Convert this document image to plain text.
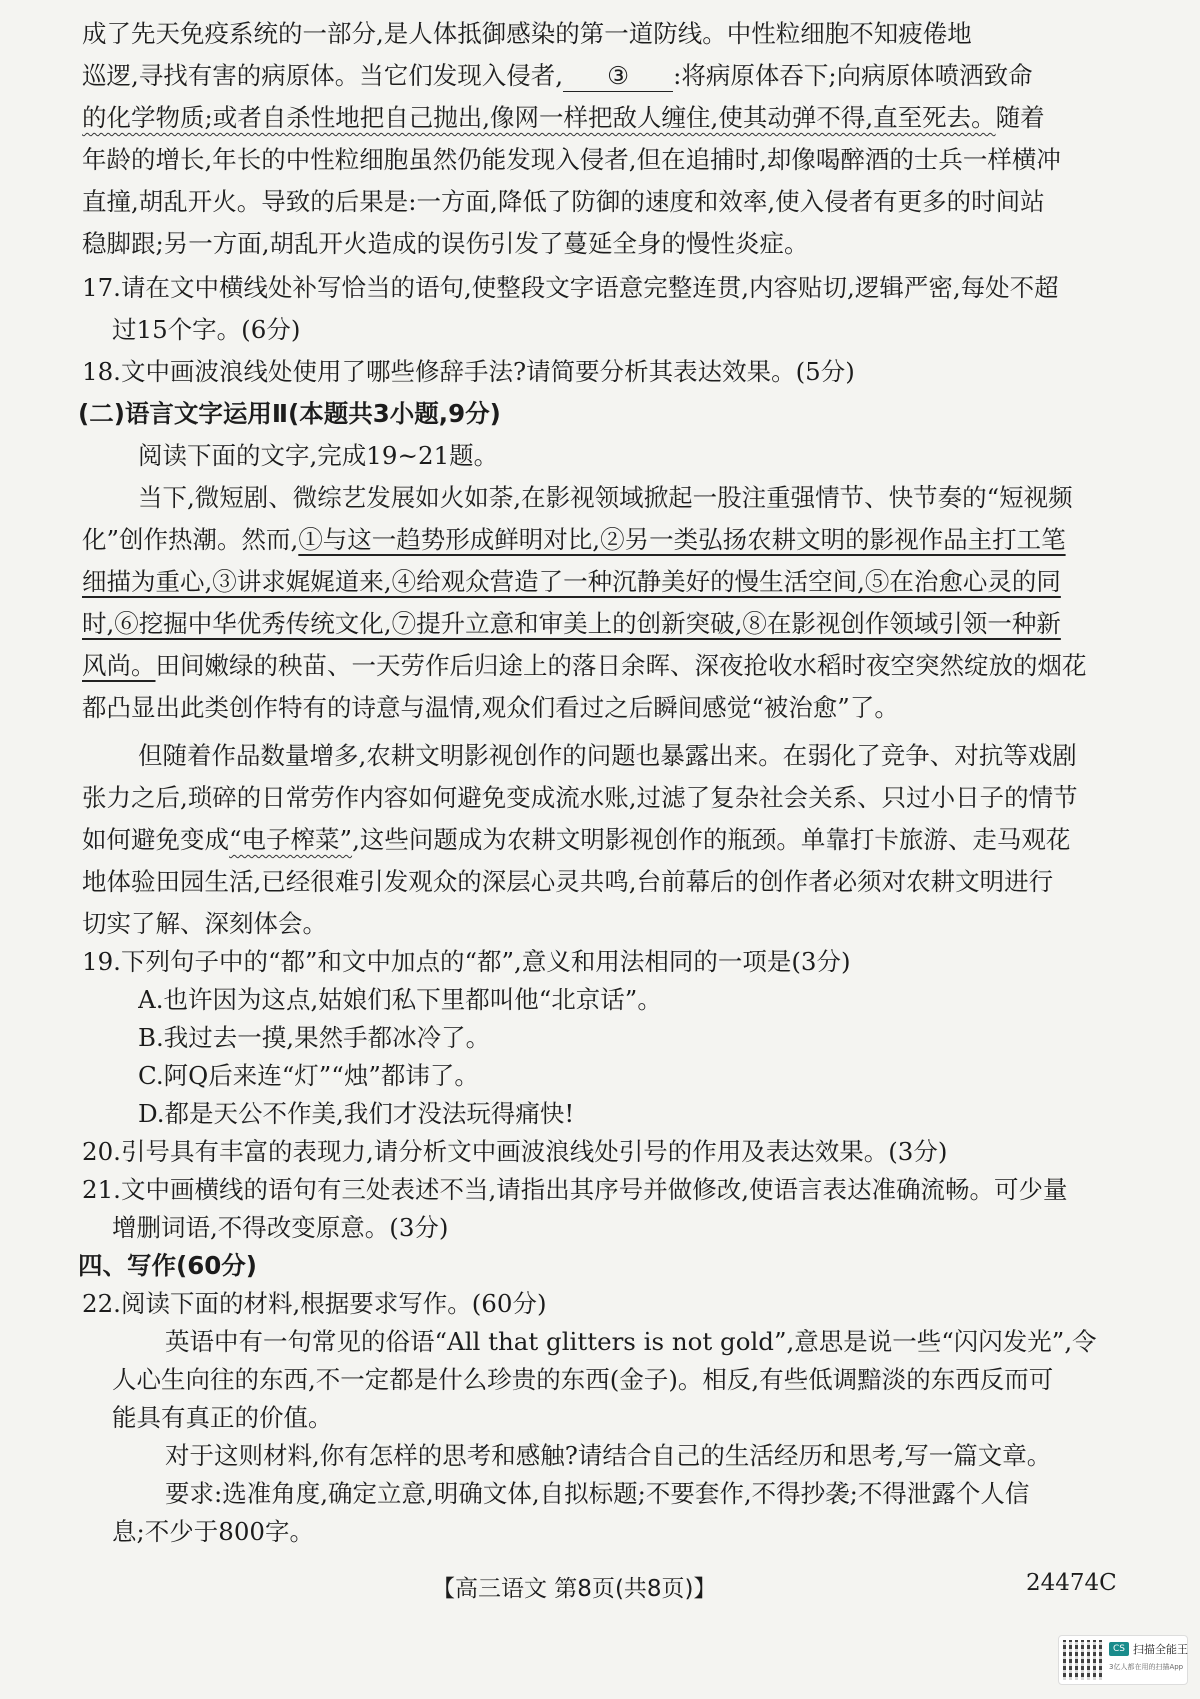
成了先天免疫系统的一部分,是人体抵御感染的第一道防线。中性粒细胞不知疲倦地
巡逻,寻找有害的病原体。当它们发现入侵者, ③ :将病原体吞下;向病原体喷洒致命
的化学物质;或者自杀性地把自己抛出,像网一样把敌人缠住,使其动弹不得,直至死去。随着
年龄的增长,年长的中性粒细胞虽然仍能发现入侵者,但在追捕时,却像喝醉酒的士兵一样横冲
直撞,胡乱开火。导致的后果是:一方面,降低了防御的速度和效率,使入侵者有更多的时间站
稳脚跟;另一方面,胡乱开火造成的误伤引发了蔓延全身的慢性炎症。
17.请在文中横线处补写恰当的语句,使整段文字语意完整连贯,内容贴切,逻辑严密,每处不超
过15个字。(6分)
18.文中画波浪线处使用了哪些修辞手法?请简要分析其表达效果。(5分)
(二)语言文字运用Ⅱ(本题共3小题,9分)
阅读下面的文字,完成19~21题。
当下,微短剧、微综艺发展如火如荼,在影视领域掀起一股注重强情节、快节奏的“短视频
化”创作热潮。然而,①与这一趋势形成鲜明对比,②另一类弘扬农耕文明的影视作品主打工笔
细描为重心,③讲求娓娓道来,④给观众营造了一种沉静美好的慢生活空间,⑤在治愈心灵的同
时,⑥挖掘中华优秀传统文化,⑦提升立意和审美上的创新突破,⑧在影视创作领域引领一种新
风尚。田间嫩绿的秧苗、一天劳作后归途上的落日余晖、深夜抢收水稻时夜空突然绽放的烟花
都凸显出此类创作特有的诗意与温情,观众们看过之后瞬间感觉“被治愈”了。
但随着作品数量增多,农耕文明影视创作的问题也暴露出来。在弱化了竞争、对抗等戏剧
张力之后,琐碎的日常劳作内容如何避免变成流水账,过滤了复杂社会关系、只过小日子的情节
如何避免变成“电子榨菜”,这些问题成为农耕文明影视创作的瓶颈。单靠打卡旅游、走马观花
地体验田园生活,已经很难引发观众的深层心灵共鸣,台前幕后的创作者必须对农耕文明进行
切实了解、深刻体会。
19.下列句子中的“都”和文中加点的“都”,意义和用法相同的一项是(3分)
A.也许因为这点,姑娘们私下里都叫他“北京话”。
B.我过去一摸,果然手都冰冷了。
C.阿Q后来连“灯”“烛”都讳了。
D.都是天公不作美,我们才没法玩得痛快!
20.引号具有丰富的表现力,请分析文中画波浪线处引号的作用及表达效果。(3分)
21.文中画横线的语句有三处表述不当,请指出其序号并做修改,使语言表达准确流畅。可少量
增删词语,不得改变原意。(3分)
四、写作(60分)
22.阅读下面的材料,根据要求写作。(60分)
英语中有一句常见的俗语“All that glitters is not gold”,意思是说一些“闪闪发光”,令
人心生向往的东西,不一定都是什么珍贵的东西(金子)。相反,有些低调黯淡的东西反而可
能具有真正的价值。
【高三语文 第8页(共8页)】	24474C
CS 扫描全能王
3亿人都在用的扫描App
对于这则材料,你有怎样的思考和感触?请结合自己的生活经历和思考,写一篇文章。
要求:选准角度,确定立意,明确文体,自拟标题;不要套作,不得抄袭;不得泄露个人信
息;不少于800字。
